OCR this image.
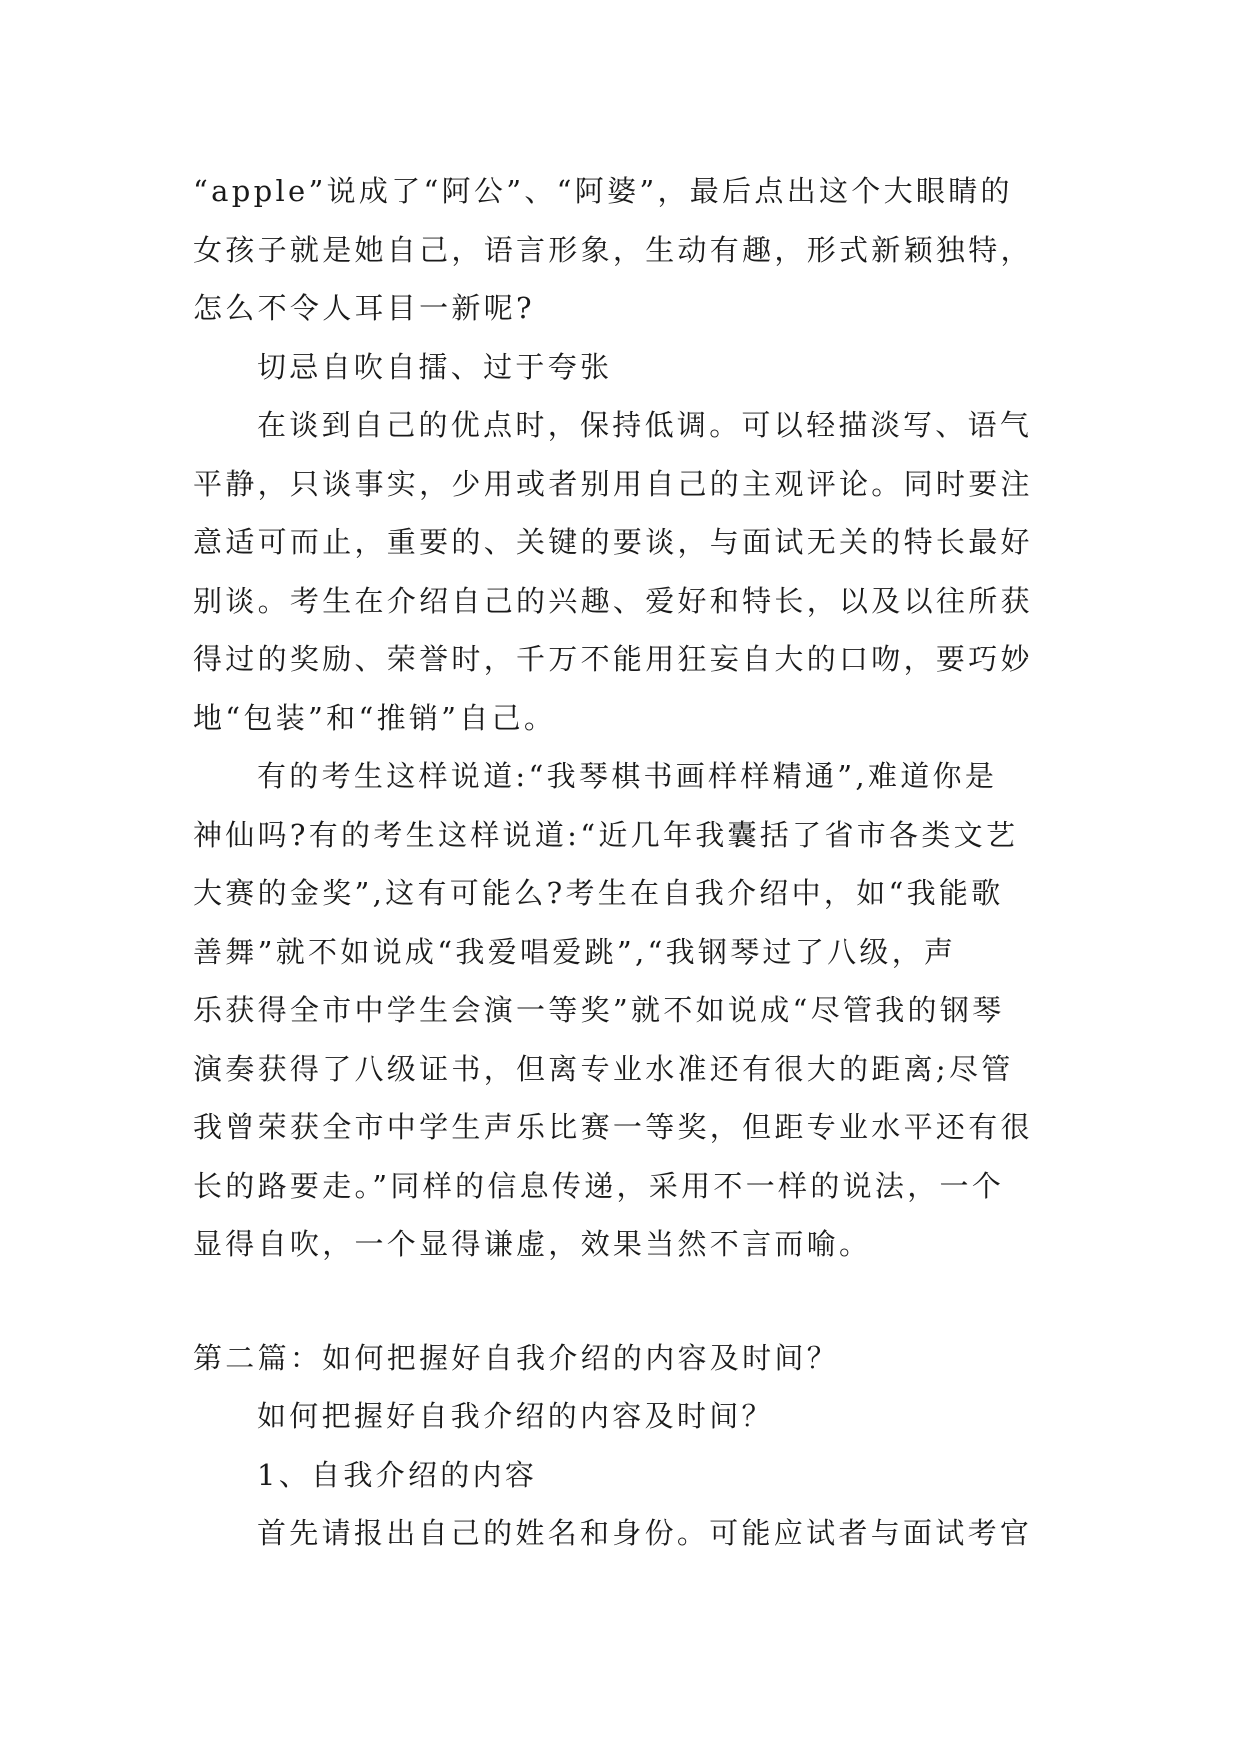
“apple”说成了“阿公”、“阿婆”，最后点出这个大眼睛的
女孩子就是她自己，语言形象，生动有趣，形式新颖独特，
怎么不令人耳目一新呢?
切忌自吹自擂、过于夸张
在谈到自己的优点时，保持低调。可以轻描淡写、语气
平静，只谈事实，少用或者别用自己的主观评论。同时要注
意适可而止，重要的、关键的要谈，与面试无关的特长最好
别谈。考生在介绍自己的兴趣、爱好和特长，以及以往所获
得过的奖励、荣誉时，千万不能用狂妄自大的口吻，要巧妙
地“包装”和“推销”自己。
有的考生这样说道:“我琴棋书画样样精通”,难道你是
神仙吗?有的考生这样说道:“近几年我囊括了省市各类文艺
大赛的金奖”,这有可能么?考生在自我介绍中，如“我能歌
善舞”就不如说成“我爱唱爱跳”,“我钢琴过了八级，声
乐获得全市中学生会演一等奖”就不如说成“尽管我的钢琴
演奏获得了八级证书，但离专业水准还有很大的距离;尽管
我曾荣获全市中学生声乐比赛一等奖，但距专业水平还有很
长的路要走。”同样的信息传递，采用不一样的说法，一个
显得自吹，一个显得谦虚，效果当然不言而喻。
第二篇：如何把握好自我介绍的内容及时间？
如何把握好自我介绍的内容及时间？
1、自我介绍的内容
首先请报出自己的姓名和身份。可能应试者与面试考官
